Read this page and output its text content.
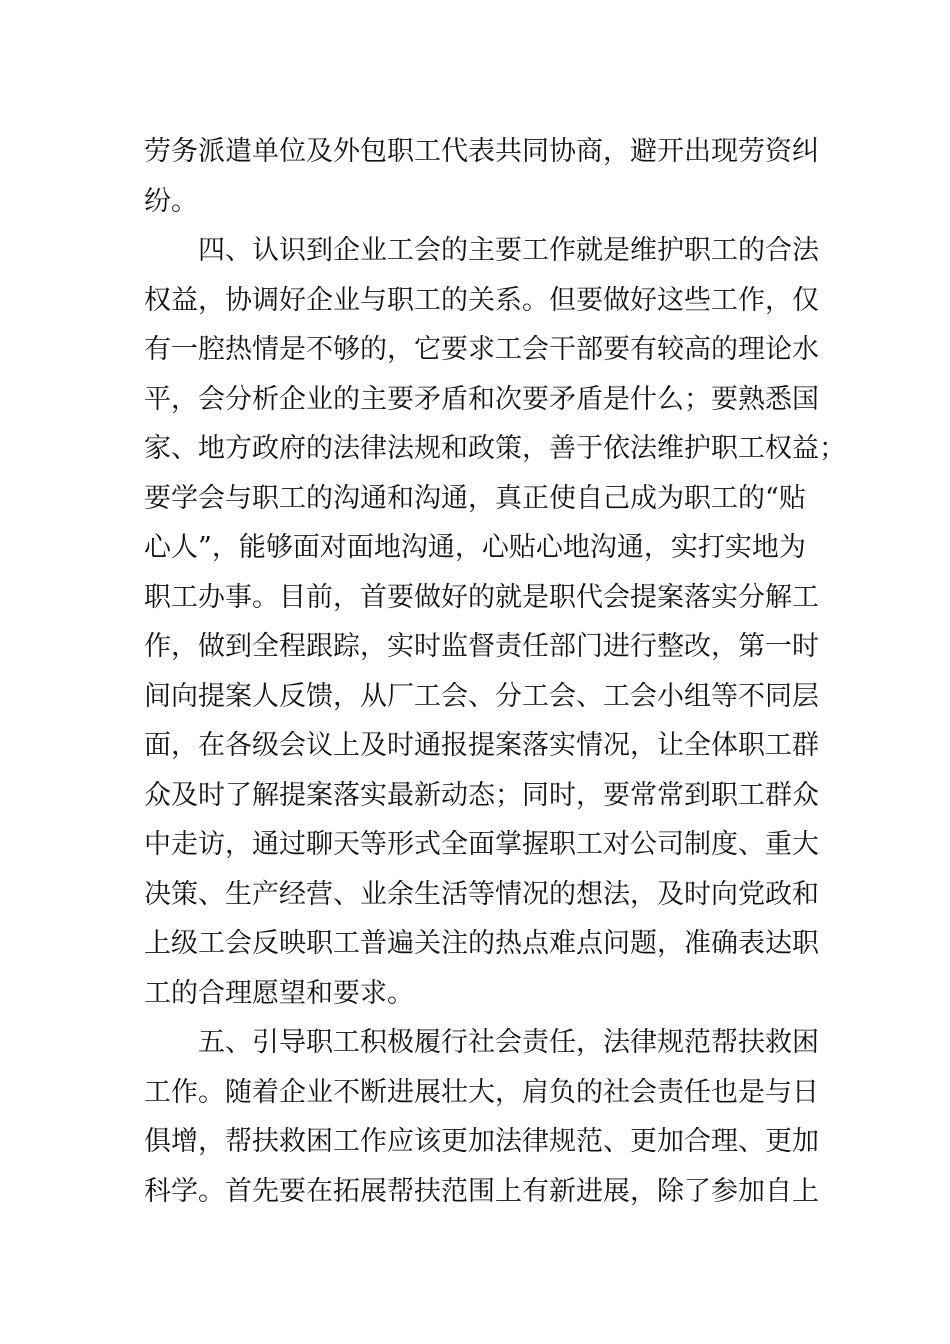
劳 务 派 遣 单 位 及 外 包 职 工 代 表 共 同 协 商 ， 避 开 出 现 劳 资 纠
纷。
四 、 认 识 到 企 业 工 会 的 主 要 工 作 就 是 维 护 职 工 的 合 法
权 益 ， 协 调 好 企 业 与 职 工 的 关 系 。 但 要 做 好 这 些 工 作 ， 仅
有 一 腔 热 情 是 不 够 的 ， 它 要 求 工 会 干 部 要 有 较 高 的 理 论 水
平 ， 会 分 析 企 业 的 主 要 矛 盾 和 次 要 矛 盾 是 什 么 ； 要 熟 悉 国
家 、 地 方 政 府 的 法 律 法 规 和 政 策 ， 善 于 依 法 维 护 职 工 权 益 ；
要 学 会 与 职 工 的 沟 通 和 沟 通 ， 真 正 使 自 己 成 为 职 工 的 “ 贴
心 人 ” ， 能 够 面 对 面 地 沟 通 ， 心 贴 心 地 沟 通 ， 实 打 实 地 为
职 工 办 事 。 目 前 ， 首 要 做 好 的 就 是 职 代 会 提 案 落 实 分 解 工
作 ， 做 到 全 程 跟 踪 ， 实 时 监 督 责 任 部 门 进 行 整 改 ， 第 一 时
间 向 提 案 人 反 馈 ， 从 厂 工 会 、 分 工 会 、 工 会 小 组 等 不 同 层
面 ， 在 各 级 会 议 上 及 时 通 报 提 案 落 实 情 况 ， 让 全 体 职 工 群
众 及 时 了 解 提 案 落 实 最 新 动 态 ； 同 时 ， 要 常 常 到 职 工 群 众
中 走 访 ， 通 过 聊 天 等 形 式 全 面 掌 握 职 工 对 公 司 制 度 、 重 大
决 策 、 生 产 经 营 、 业 余 生 活 等 情 况 的 想 法 ， 及 时 向 党 政 和
上 级 工 会 反 映 职 工 普 遍 关 注 的 热 点 难 点 问 题 ， 准 确 表 达 职
工的合理愿望和要求。
五 、 引 导 职 工 积 极 履 行 社 会 责 任 ， 法 律 规 范 帮 扶 救 困
工 作 。 随 着 企 业 不 断 进 展 壮 大 ， 肩 负 的 社 会 责 任 也 是 与 日
俱 增 ， 帮 扶 救 困 工 作 应 该 更 加 法 律 规 范 、 更 加 合 理 、 更 加
科 学 。 首 先 要 在 拓 展 帮 扶 范 围 上 有 新 进 展 ， 除 了 参 加 自 上
